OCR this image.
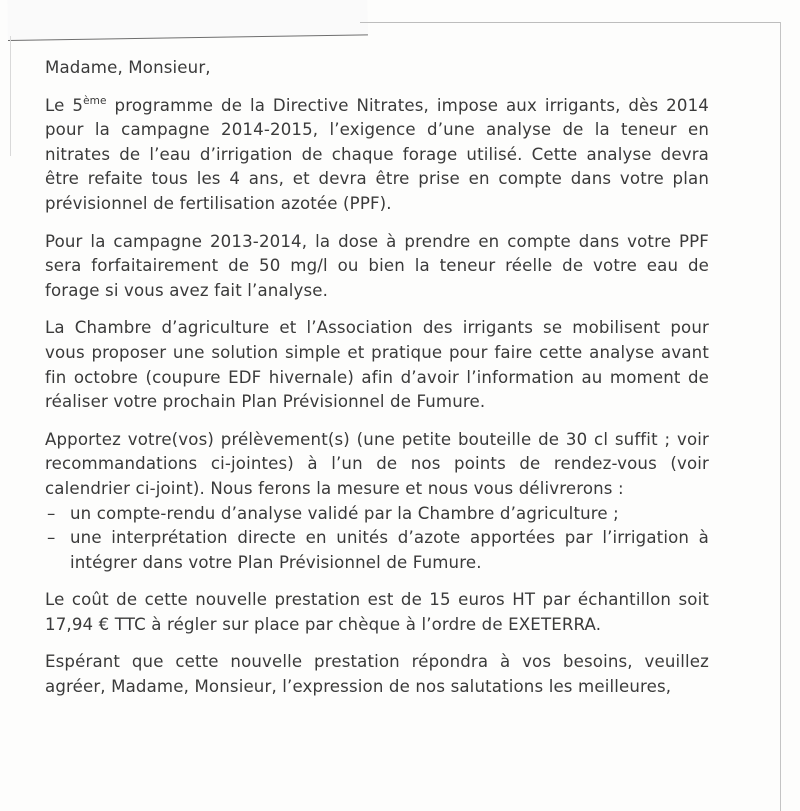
Madame, Monsieur,

Le 5ème programme de la Directive Nitrates, impose aux irrigants, dès 2014 pour la campagne 2014-2015, l’exigence d’une analyse de la teneur en nitrates de l’eau d’irrigation de chaque forage utilisé. Cette analyse devra être refaite tous les 4 ans, et devra être prise en compte dans votre plan prévisionnel de fertilisation azotée (PPF).

Pour la campagne 2013-2014, la dose à prendre en compte dans votre PPF sera forfaitairement de 50 mg/l ou bien la teneur réelle de votre eau de forage si vous avez fait l’analyse.

La Chambre d’agriculture et l’Association des irrigants se mobilisent pour vous proposer une solution simple et pratique pour faire cette analyse avant fin octobre (coupure EDF hivernale) afin d’avoir l’information au moment de réaliser votre prochain Plan Prévisionnel de Fumure.

Apportez votre(vos) prélèvement(s) (une petite bouteille de 30 cl suffit ; voir recommandations ci-jointes) à l’un de nos points de rendez-vous (voir calendrier ci-joint). Nous ferons la mesure et nous vous délivrerons :

– un compte-rendu d’analyse validé par la Chambre d’agriculture ;
– une interprétation directe en unités d’azote apportées par l’irrigation à intégrer dans votre Plan Prévisionnel de Fumure.

Le coût de cette nouvelle prestation est de 15 euros HT par échantillon soit 17,94 € TTC à régler sur place par chèque à l’ordre de EXETERRA.

Espérant que cette nouvelle prestation répondra à vos besoins, veuillez agréer, Madame, Monsieur, l’expression de nos salutations les meilleures,
